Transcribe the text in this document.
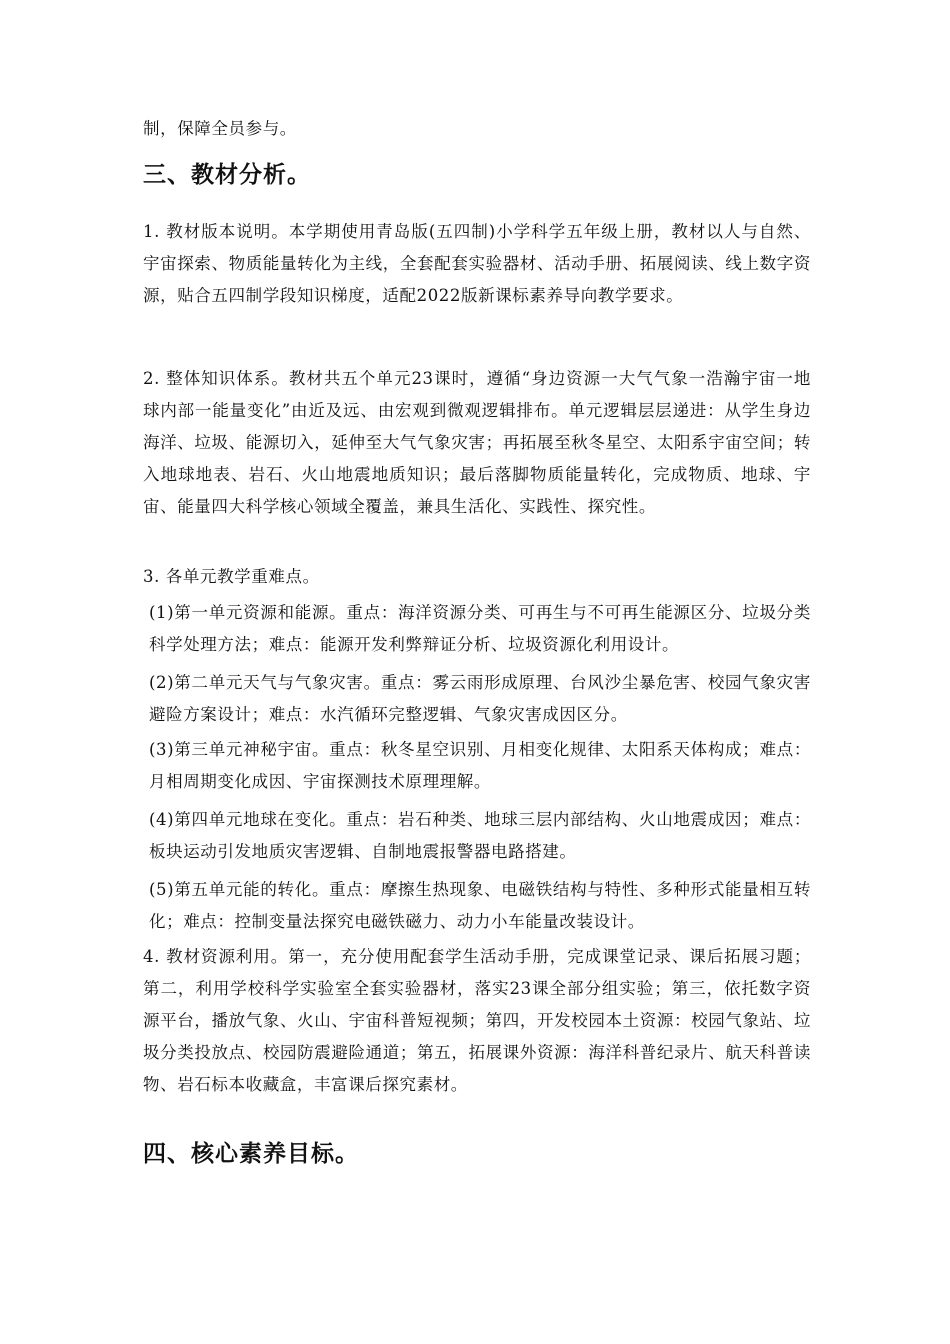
制，保障全员参与。

三、教材分析。

1. 教材版本说明。本学期使用青岛版(五四制)小学科学五年级上册，教材以人与自然、宇宙探索、物质能量转化为主线，全套配套实验器材、活动手册、拓展阅读、线上数字资源，贴合五四制学段知识梯度，适配2022版新课标素养导向教学要求。

2. 整体知识体系。教材共五个单元23课时，遵循“身边资源一大气气象一浩瀚宇宙一地球内部一能量变化”由近及远、由宏观到微观逻辑排布。单元逻辑层层递进：从学生身边海洋、垃圾、能源切入，延伸至大气气象灾害；再拓展至秋冬星空、太阳系宇宙空间；转入地球地表、岩石、火山地震地质知识；最后落脚物质能量转化，完成物质、地球、宇宙、能量四大科学核心领域全覆盖，兼具生活化、实践性、探究性。

3. 各单元教学重难点。

(1)第一单元资源和能源。重点：海洋资源分类、可再生与不可再生能源区分、垃圾分类科学处理方法；难点：能源开发利弊辩证分析、垃圾资源化利用设计。

(2)第二单元天气与气象灾害。重点：雾云雨形成原理、台风沙尘暴危害、校园气象灾害避险方案设计；难点：水汽循环完整逻辑、气象灾害成因区分。

(3)第三单元神秘宇宙。重点：秋冬星空识别、月相变化规律、太阳系天体构成；难点：月相周期变化成因、宇宙探测技术原理理解。

(4)第四单元地球在变化。重点：岩石种类、地球三层内部结构、火山地震成因；难点：板块运动引发地质灾害逻辑、自制地震报警器电路搭建。

(5)第五单元能的转化。重点：摩擦生热现象、电磁铁结构与特性、多种形式能量相互转化；难点：控制变量法探究电磁铁磁力、动力小车能量改装设计。

4. 教材资源利用。第一，充分使用配套学生活动手册，完成课堂记录、课后拓展习题；第二，利用学校科学实验室全套实验器材，落实23课全部分组实验；第三，依托数字资源平台，播放气象、火山、宇宙科普短视频；第四，开发校园本土资源：校园气象站、垃圾分类投放点、校园防震避险通道；第五，拓展课外资源：海洋科普纪录片、航天科普读物、岩石标本收藏盒，丰富课后探究素材。

四、核心素养目标。
